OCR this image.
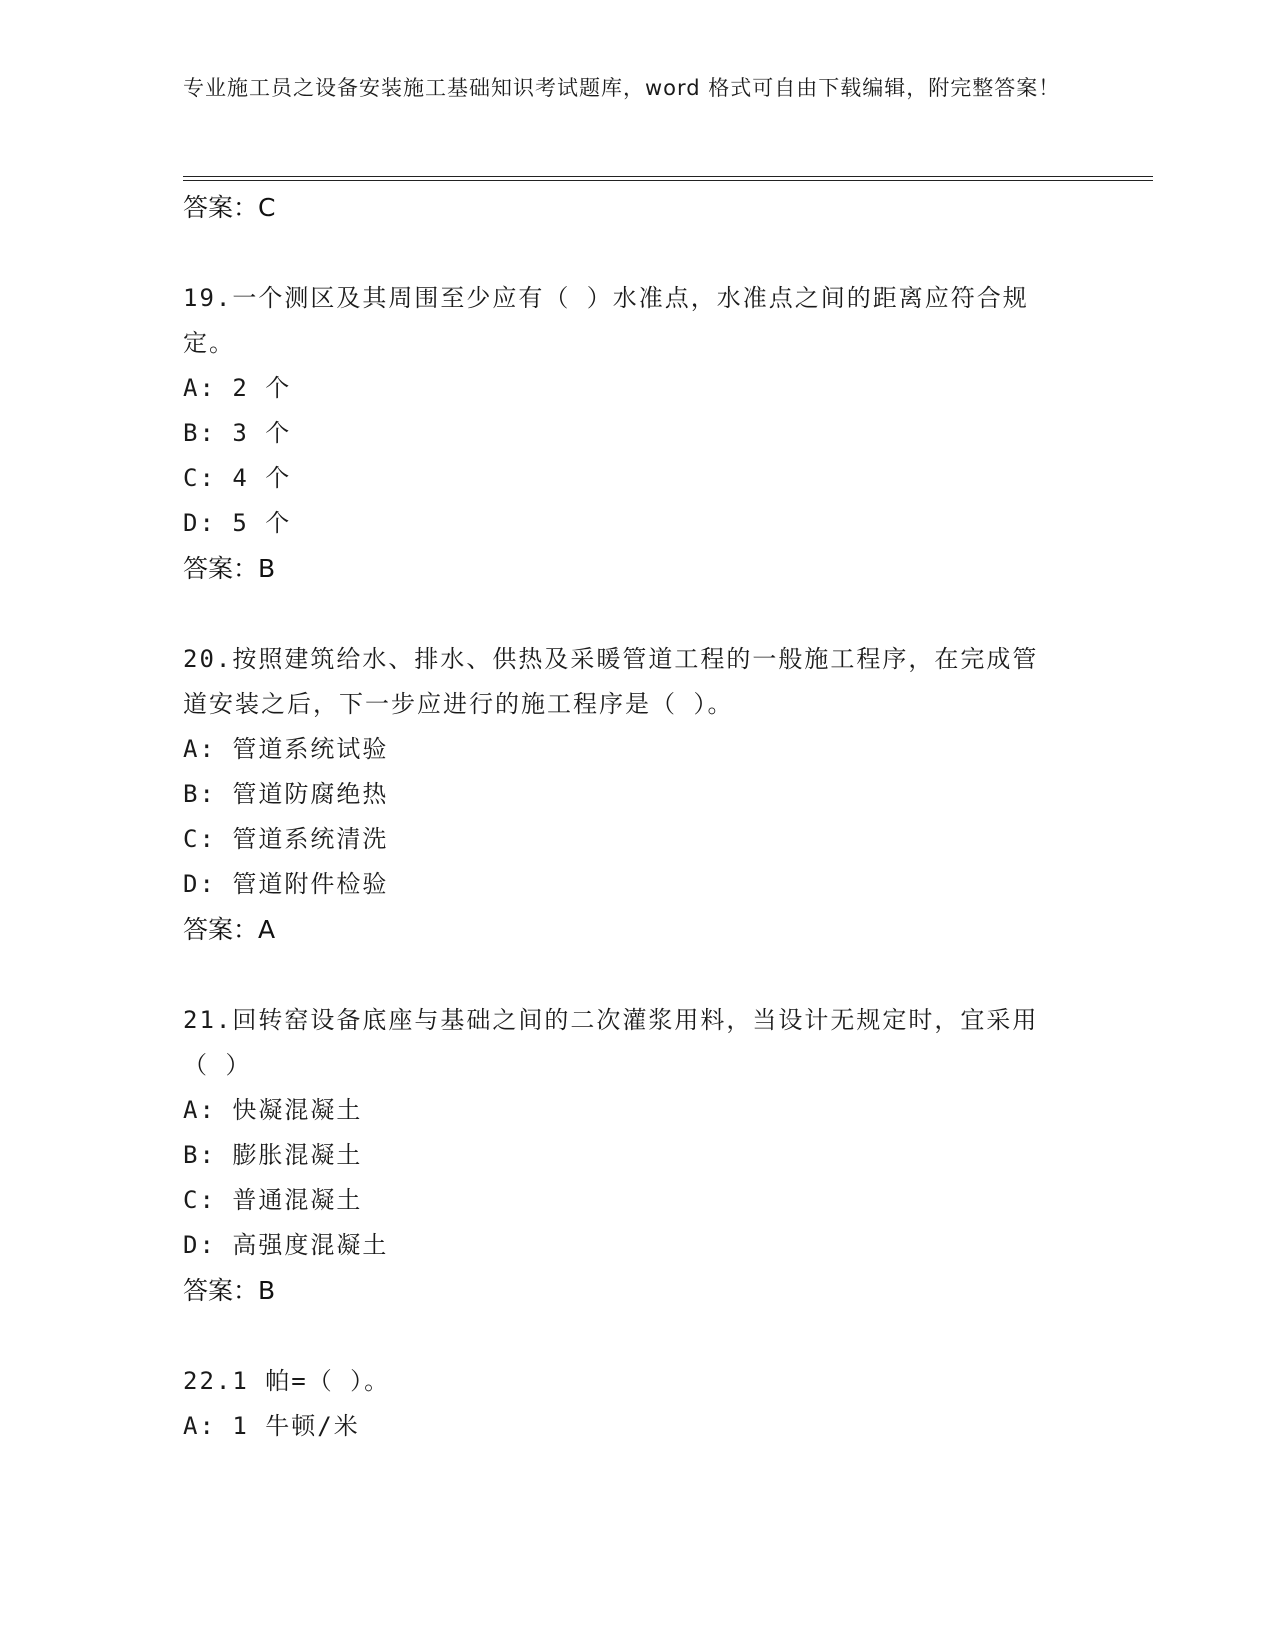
专业施工员之设备安装施工基础知识考试题库，word 格式可自由下载编辑，附完整答案！
答案：C
19.一个测区及其周围至少应有（ ）水准点，水准点之间的距离应符合规定。
A: 2 个
B: 3 个
C: 4 个
D: 5 个
答案：B
20.按照建筑给水、排水、供热及采暖管道工程的一般施工程序，在完成管道安装之后，下一步应进行的施工程序是（ ）。
A: 管道系统试验
B: 管道防腐绝热
C: 管道系统清洗
D: 管道附件检验
答案：A
21.回转窑设备底座与基础之间的二次灌浆用料，当设计无规定时，宜采用（ ）
A: 快凝混凝土
B: 膨胀混凝土
C: 普通混凝土
D: 高强度混凝土
答案：B
22.1 帕=（ ）。
A: 1 牛顿/米
